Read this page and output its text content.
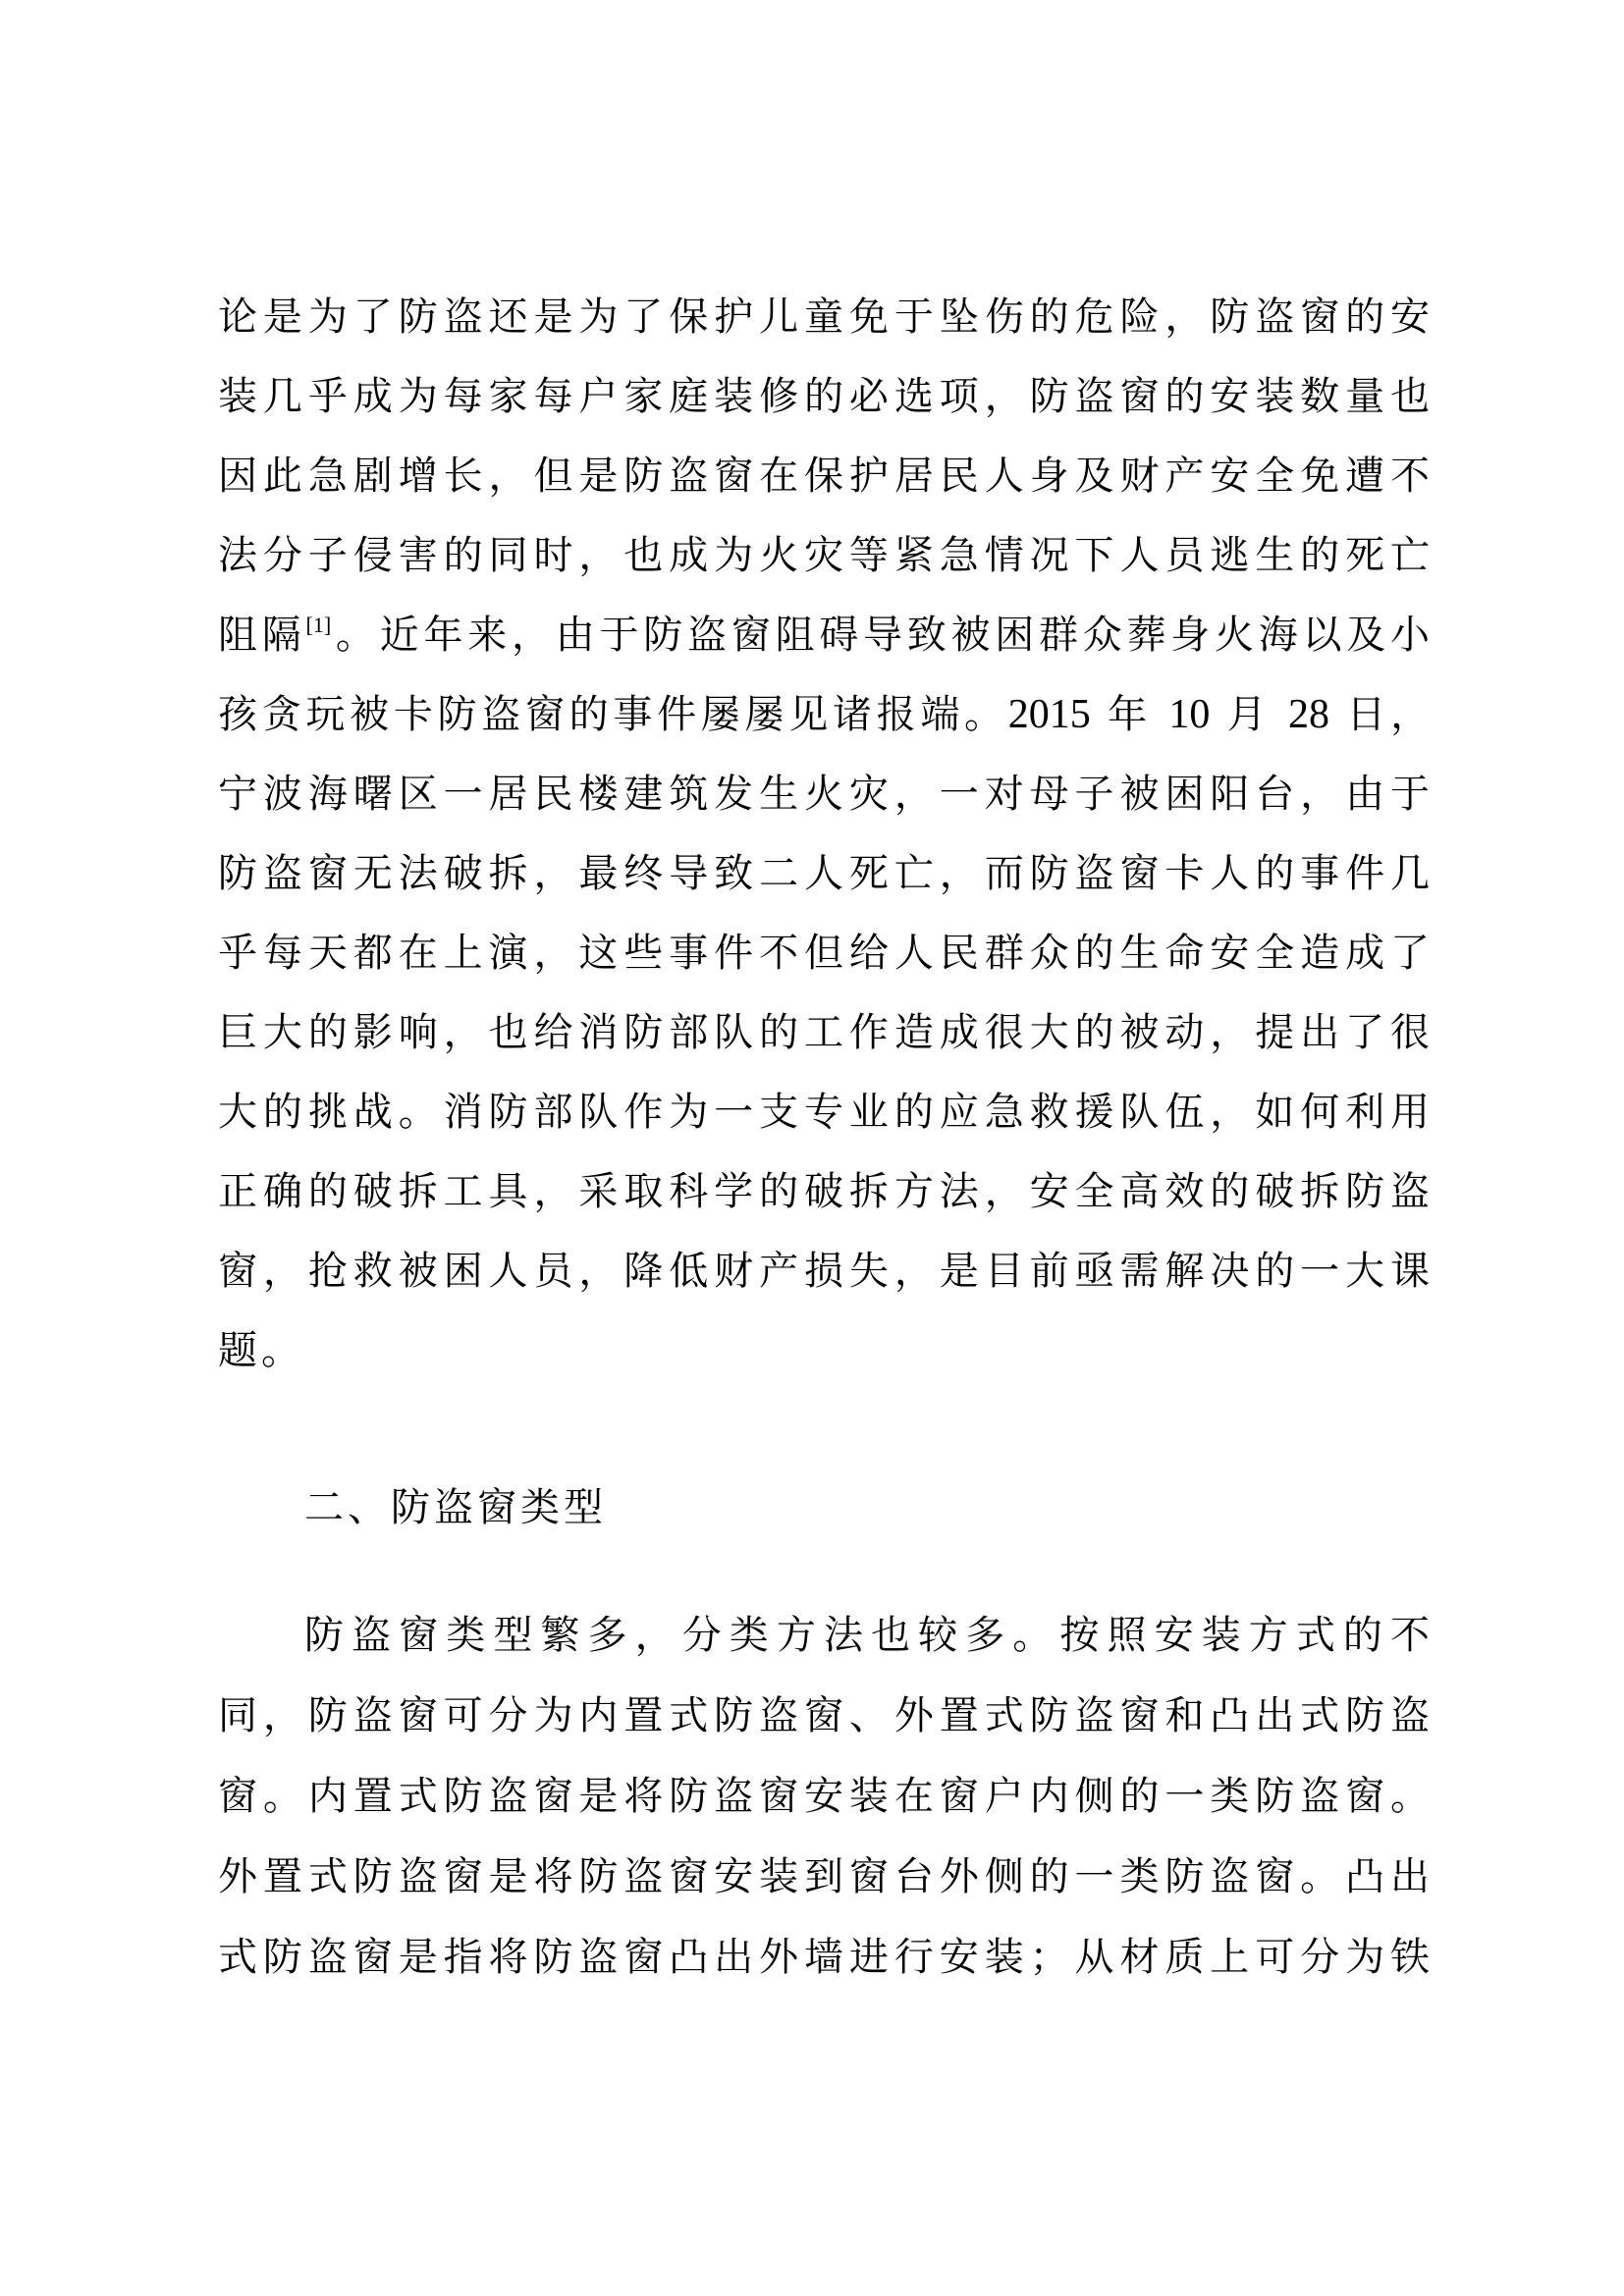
论是为了防盗还是为了保护儿童免于坠伤的危险，防盗窗的安
装几乎成为每家每户家庭装修的必选项，防盗窗的安装数量也
因此急剧增长，但是防盗窗在保护居民人身及财产安全免遭不
法分子侵害的同时，也成为火灾等紧急情况下人员逃生的死亡
阻隔[1]。近年来，由于防盗窗阻碍导致被困群众葬身火海以及小
孩贪玩被卡防盗窗的事件屡屡见诸报端。2015 年 10 月 28 日，
宁波海曙区一居民楼建筑发生火灾，一对母子被困阳台，由于
防盗窗无法破拆，最终导致二人死亡，而防盗窗卡人的事件几
乎每天都在上演，这些事件不但给人民群众的生命安全造成了
巨大的影响，也给消防部队的工作造成很大的被动，提出了很
大的挑战。消防部队作为一支专业的应急救援队伍，如何利用
正确的破拆工具，采取科学的破拆方法，安全高效的破拆防盗
窗，抢救被困人员，降低财产损失，是目前亟需解决的一大课
题。
二、防盗窗类型
防盗窗类型繁多，分类方法也较多。按照安装方式的不
同，防盗窗可分为内置式防盗窗、外置式防盗窗和凸出式防盗
窗。内置式防盗窗是将防盗窗安装在窗户内侧的一类防盗窗。
外置式防盗窗是将防盗窗安装到窗台外侧的一类防盗窗。凸出
式防盗窗是指将防盗窗凸出外墙进行安装；从材质上可分为铁
